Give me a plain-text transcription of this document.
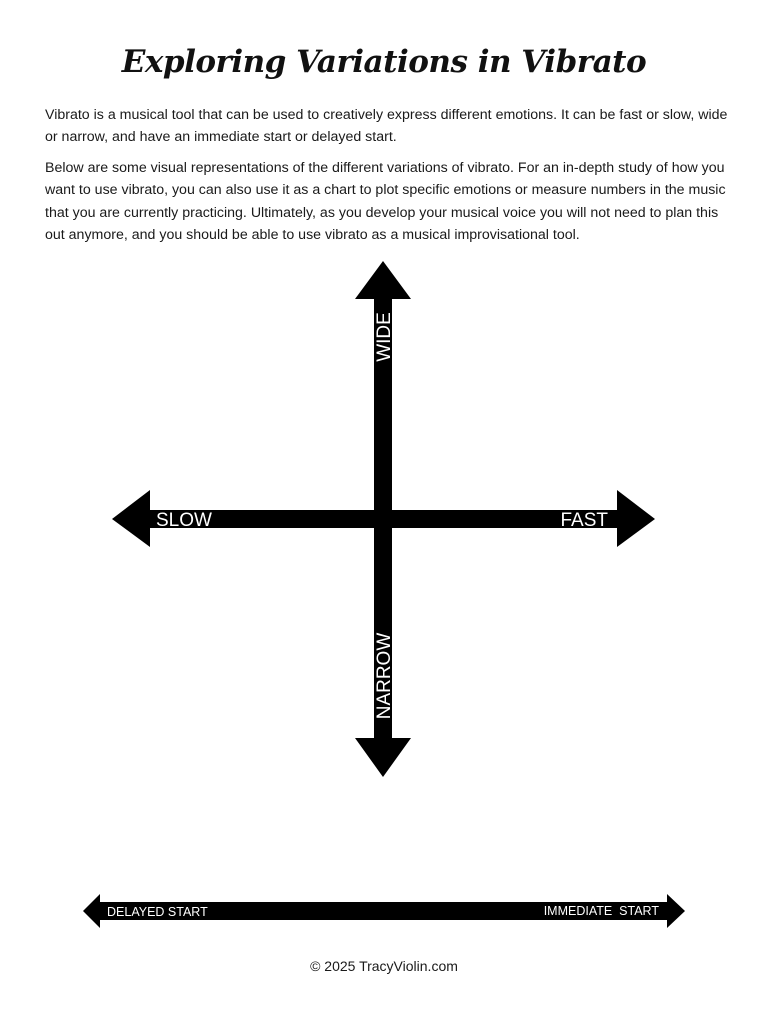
Exploring Variations in Vibrato

Vibrato is a musical tool that can be used to creatively express different emotions. It can be fast or slow, wide or narrow, and have an immediate start or delayed start.

Below are some visual representations of the different variations of vibrato. For an in-depth study of how you want to use vibrato, you can also use it as a chart to plot specific emotions or measure numbers in the music that you are currently practicing. Ultimately, as you develop your musical voice you will not need to plan this out anymore, and you should be able to use vibrato as a musical improvisational tool.

WIDE
NARROW
SLOW	FAST
DELAYED START	IMMEDIATE  START
© 2025 TracyViolin.com
